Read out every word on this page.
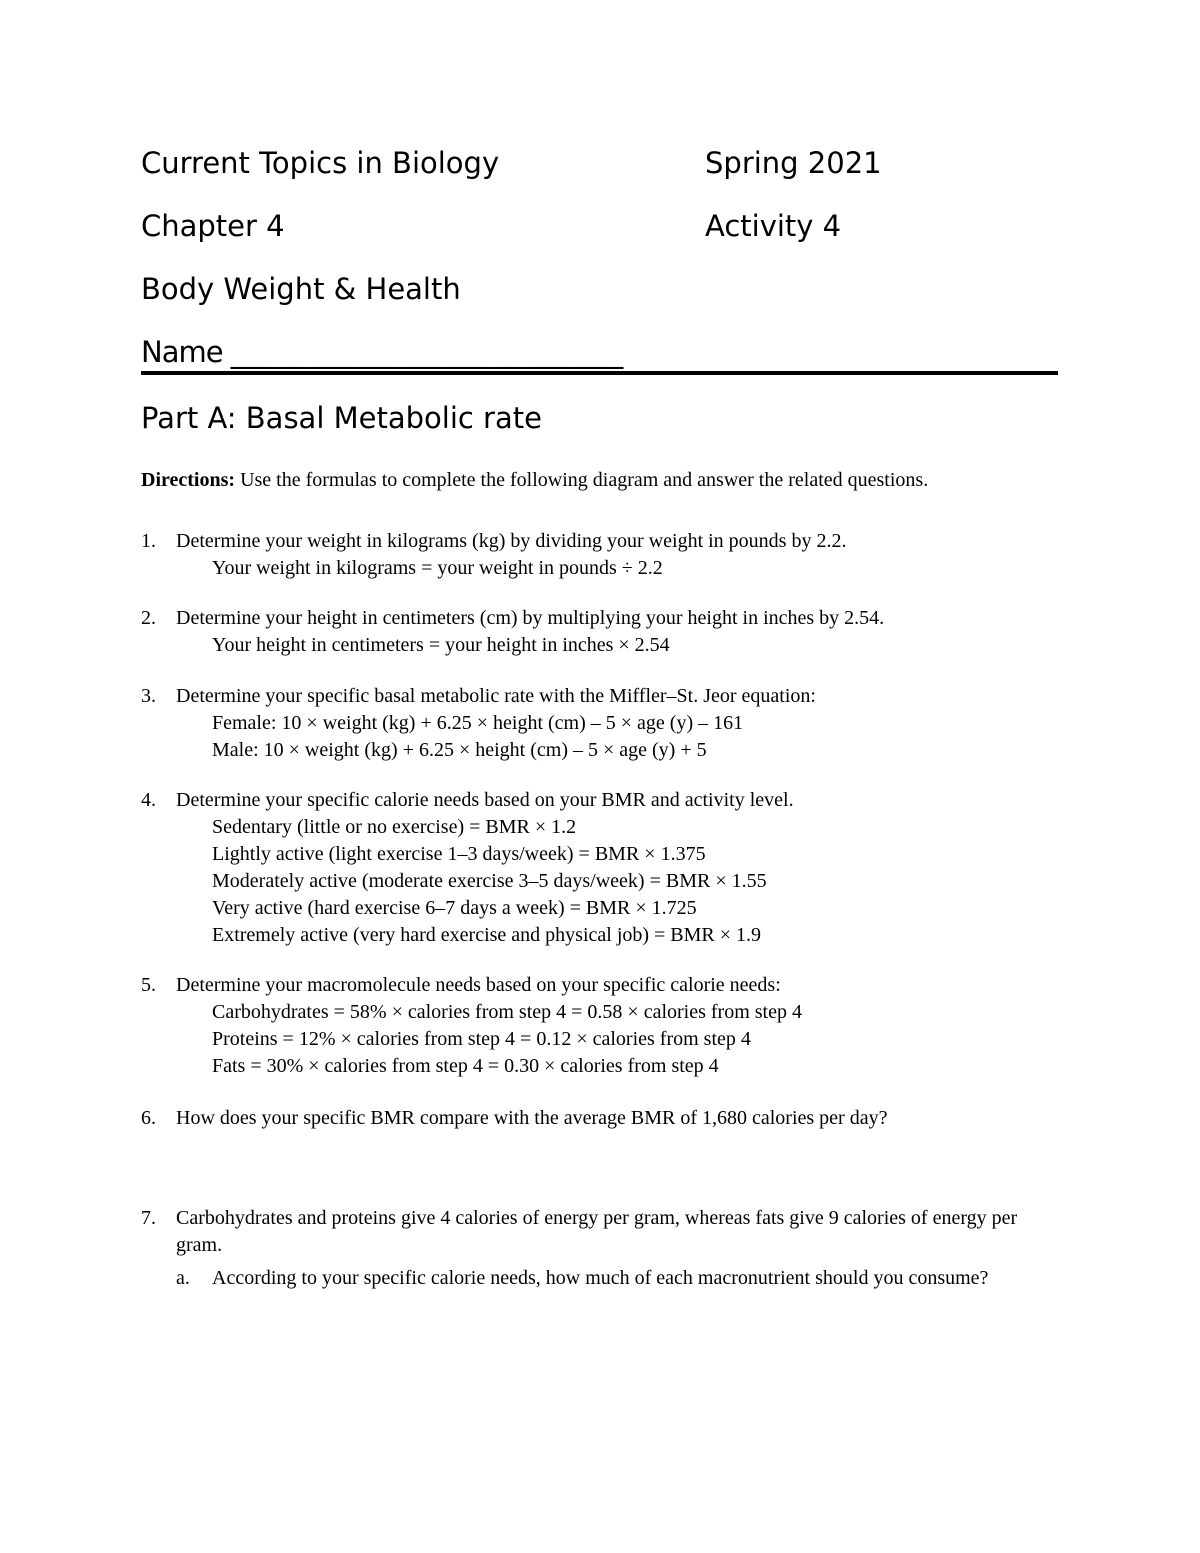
Current Topics in Biology	Spring 2021
Chapter 4	Activity 4
Body Weight & Health
Name _____________________________
Part A: Basal Metabolic rate
Directions: Use the formulas to complete the following diagram and answer the related questions.
1. Determine your weight in kilograms (kg) by dividing your weight in pounds by 2.2.
Your weight in kilograms = your weight in pounds ÷ 2.2
2. Determine your height in centimeters (cm) by multiplying your height in inches by 2.54.
Your height in centimeters = your height in inches × 2.54
3. Determine your specific basal metabolic rate with the Miffler–St. Jeor equation:
Female: 10 × weight (kg) + 6.25 × height (cm) – 5 × age (y) – 161
Male: 10 × weight (kg) + 6.25 × height (cm) – 5 × age (y) + 5
4. Determine your specific calorie needs based on your BMR and activity level.
Sedentary (little or no exercise) = BMR × 1.2
Lightly active (light exercise 1–3 days/week) = BMR × 1.375
Moderately active (moderate exercise 3–5 days/week) = BMR × 1.55
Very active (hard exercise 6–7 days a week) = BMR × 1.725
Extremely active (very hard exercise and physical job) = BMR × 1.9
5. Determine your macromolecule needs based on your specific calorie needs:
Carbohydrates = 58% × calories from step 4 = 0.58 × calories from step 4
Proteins = 12% × calories from step 4 = 0.12 × calories from step 4
Fats = 30% × calories from step 4 = 0.30 × calories from step 4
6. How does your specific BMR compare with the average BMR of 1,680 calories per day?
7. Carbohydrates and proteins give 4 calories of energy per gram, whereas fats give 9 calories of energy per gram.
a. According to your specific calorie needs, how much of each macronutrient should you consume?
